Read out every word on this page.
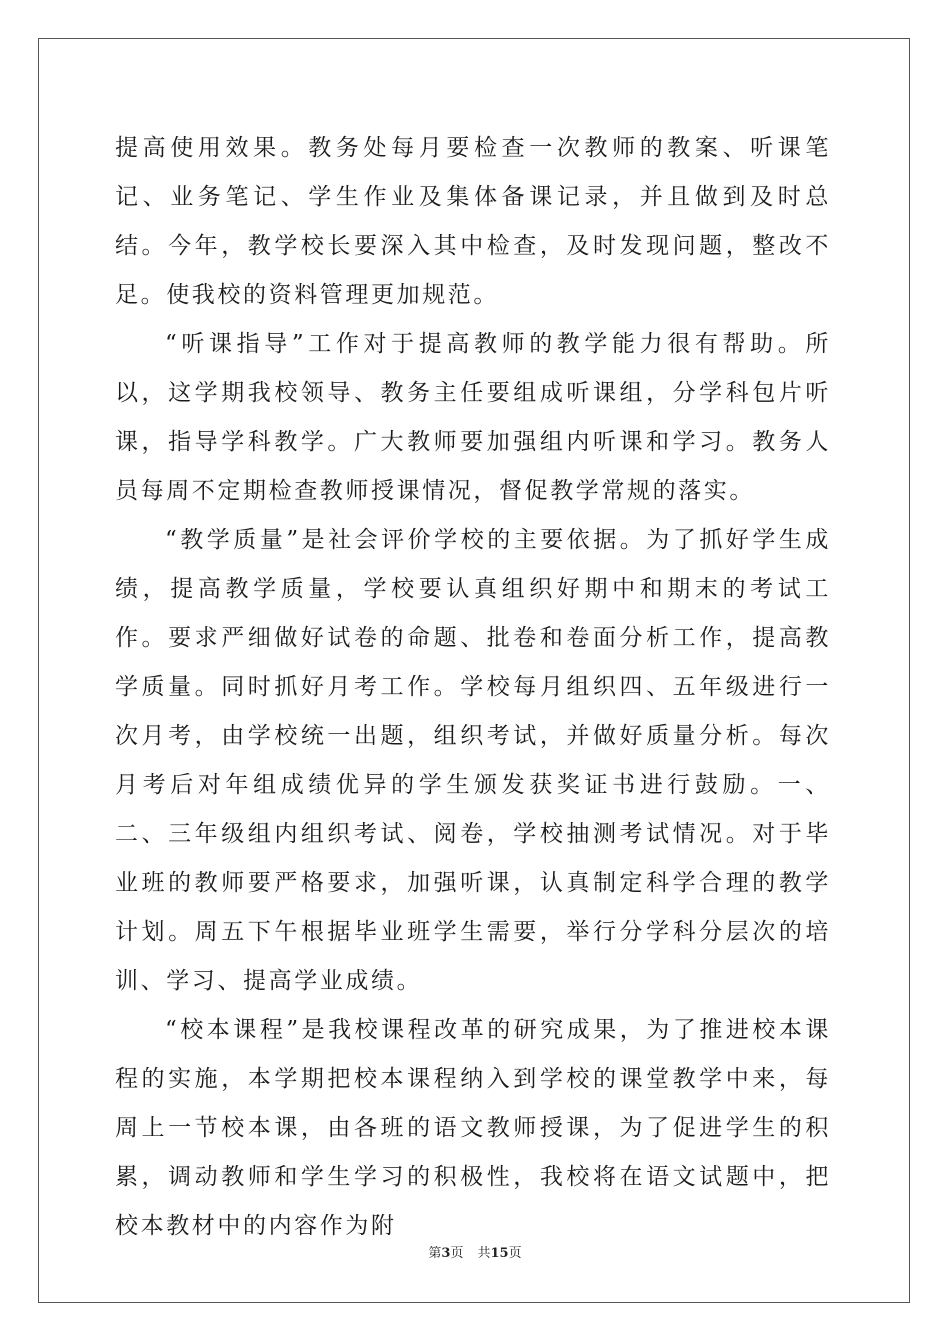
提高使用效果。教务处每月要检查一次教师的教案、听课笔记、业务笔记、学生作业及集体备课记录，并且做到及时总结。今年，教学校长要深入其中检查，及时发现问题，整改不足。使我校的资料管理更加规范。

“听课指导”工作对于提高教师的教学能力很有帮助。所以，这学期我校领导、教务主任要组成听课组，分学科包片听课，指导学科教学。广大教师要加强组内听课和学习。教务人员每周不定期检查教师授课情况，督促教学常规的落实。

“教学质量”是社会评价学校的主要依据。为了抓好学生成绩，提高教学质量，学校要认真组织好期中和期末的考试工作。要求严细做好试卷的命题、批卷和卷面分析工作，提高教学质量。同时抓好月考工作。学校每月组织四、五年级进行一次月考，由学校统一出题，组织考试，并做好质量分析。每次月考后对年组成绩优异的学生颁发获奖证书进行鼓励。一、二、三年级组内组织考试、阅卷，学校抽测考试情况。对于毕业班的教师要严格要求，加强听课，认真制定科学合理的教学计划。周五下午根据毕业班学生需要，举行分学科分层次的培训、学习、提高学业成绩。

“校本课程”是我校课程改革的研究成果，为了推进校本课程的实施，本学期把校本课程纳入到学校的课堂教学中来，每周上一节校本课，由各班的语文教师授课，为了促进学生的积累，调动教师和学生学习的积极性，我校将在语文试题中，把校本教材中的内容作为附

第3页 共15页
